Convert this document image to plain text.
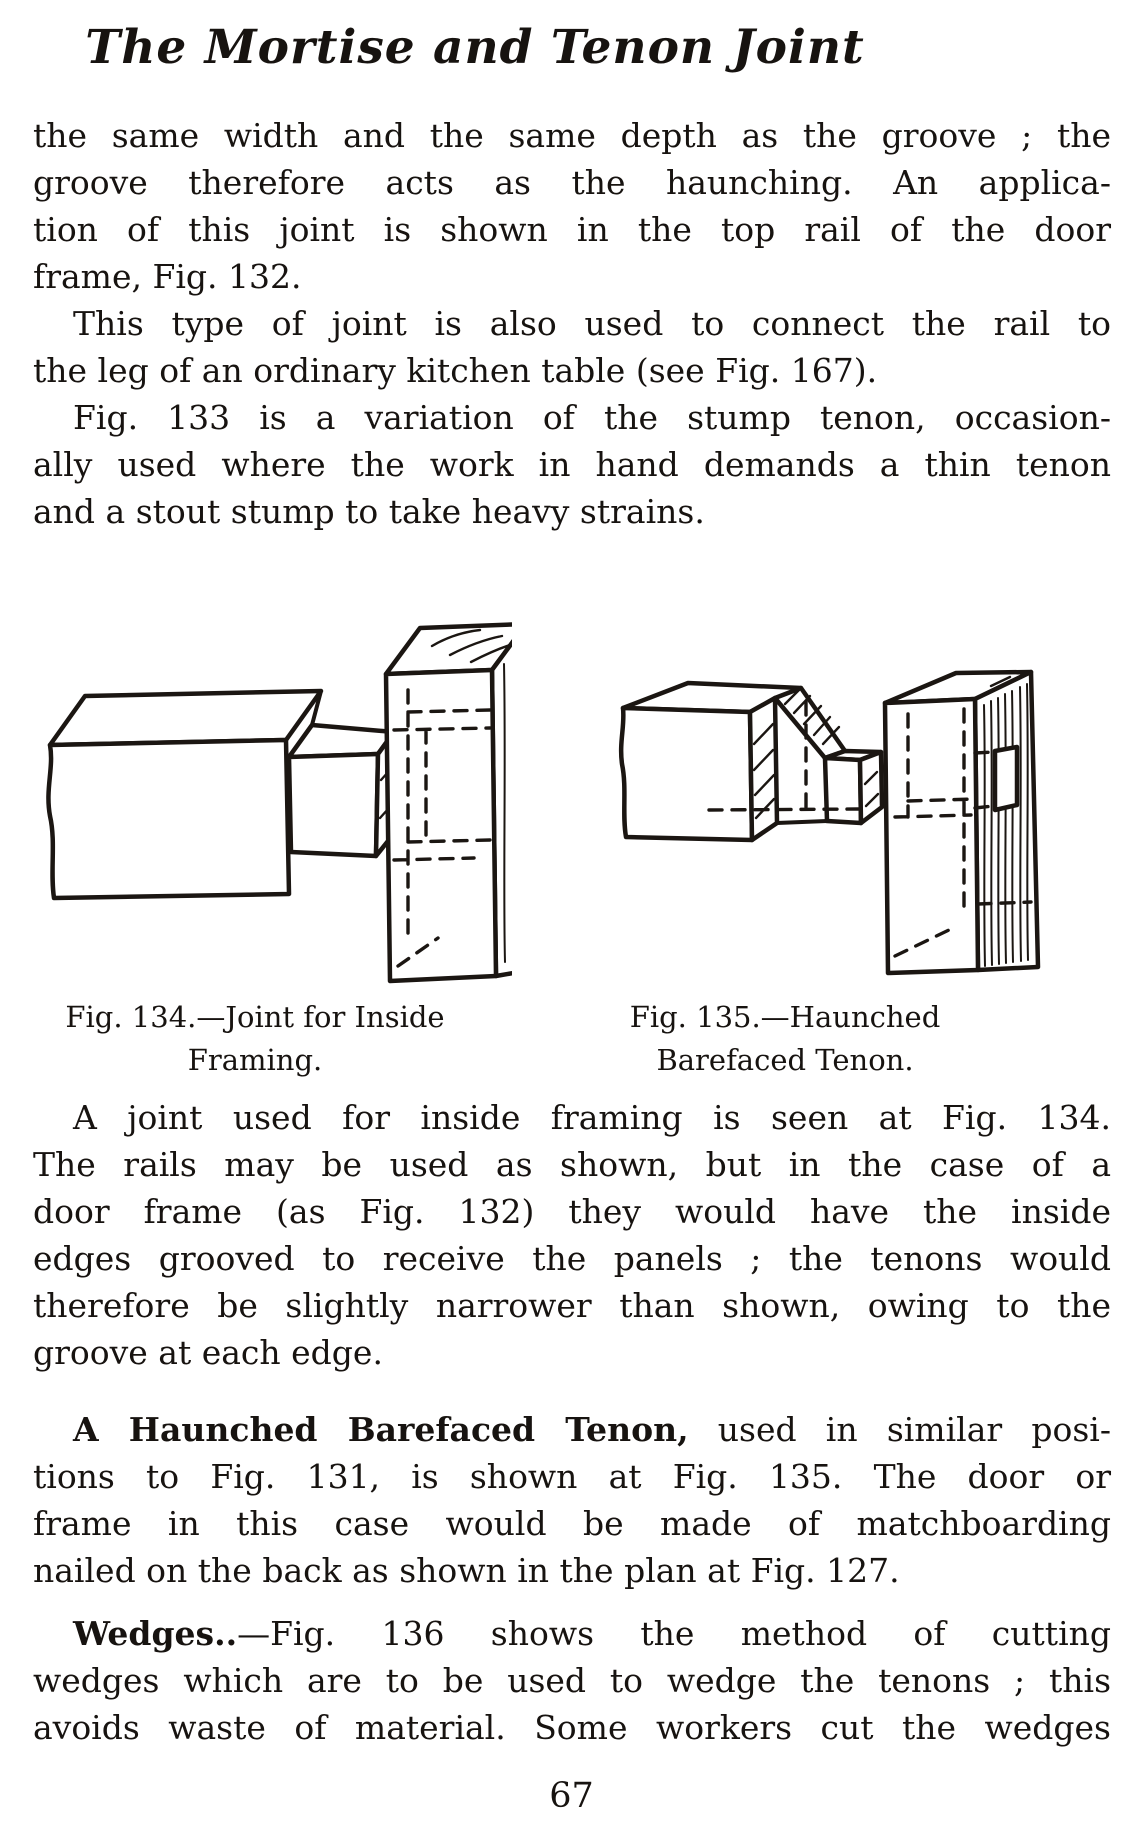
The Mortise and Tenon Joint
the same width and the same depth as the groove ; the
groove therefore acts as the haunching. An applica-
tion of this joint is shown in the top rail of the door
frame, Fig. 132.
This type of joint is also used to connect the rail to
the leg of an ordinary kitchen table (see Fig. 167).
Fig. 133 is a variation of the stump tenon, occasion-
ally used where the work in hand demands a thin tenon
and a stout stump to take heavy strains.
Fig. 134.—Joint for Inside
Framing.
Fig. 135.—Haunched
Barefaced Tenon.
A joint used for inside framing is seen at Fig. 134.
The rails may be used as shown, but in the case of a
door frame (as Fig. 132) they would have the inside
edges grooved to receive the panels ; the tenons would
therefore be slightly narrower than shown, owing to the
groove at each edge.
A Haunched Barefaced Tenon, used in similar posi-
tions to Fig. 131, is shown at Fig. 135. The door or
frame in this case would be made of matchboarding
nailed on the back as shown in the plan at Fig. 127.
Wedges..—Fig. 136 shows the method of cutting
wedges which are to be used to wedge the tenons ; this
avoids waste of material. Some workers cut the wedges
67
